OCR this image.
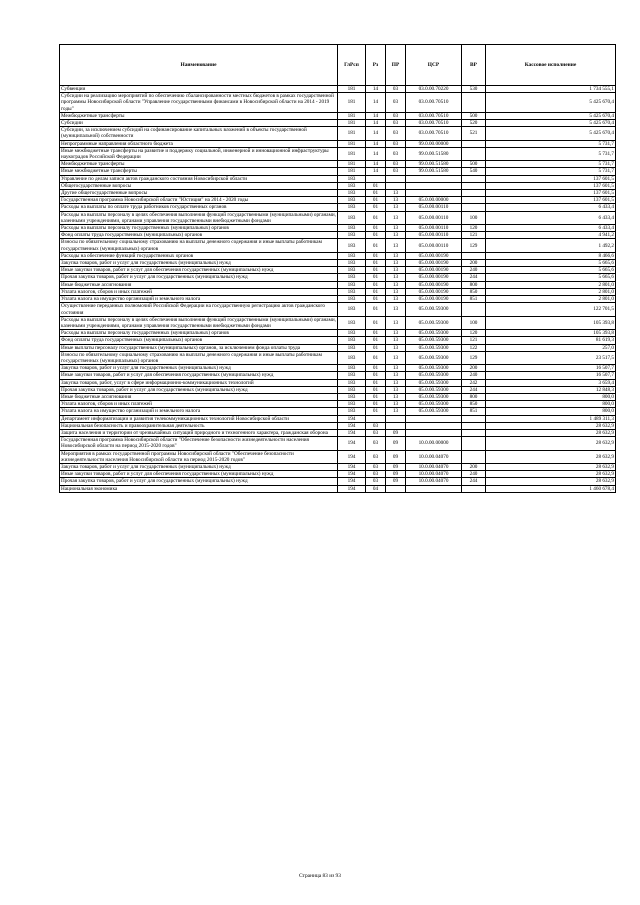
Наименование	ГлРсп	Рз	ПР	ЦСР	ВР	Кассовое исполнение
Субвенции	181	14	03	03.0.00.70220	530	1 734 555,1
Субсидии на реализацию мероприятий по обеспечению сбалансированности местных бюджетов в рамках государственной программы Новосибирской области "Управление государственными финансами в Новосибирской области на 2014 - 2019 годы"	181	14	03	03.0.00.70510		5 425 670,4
Межбюджетные трансферты	181	14	03	03.0.00.70510	500	5 425 670,4
Субсидии	181	14	03	03.0.00.70510	520	5 425 670,4
Субсидии, за исключением субсидий на софинансирование капитальных вложений в объекты государственной (муниципальной) собственности	181	14	03	03.0.00.70510	521	5 425 670,4
Непрограммные направления областного бюджета	181	14	03	99.0.00.00000		5 731,7
Иные межбюджетные трансферты на развитие и поддержку социальной, инженерной и инновационной инфраструктуры наукоградов Российской Федерации	181	14	03	99.0.00.51580		5 731,7
Межбюджетные трансферты	181	14	03	99.0.00.51580	500	5 731,7
Иные межбюджетные трансферты	181	14	03	99.0.00.51580	540	5 731,7
Управление по делам записи актов гражданского состояния Новосибирской области	183					137 601,5
Общегосударственные вопросы	183	01				137 601,5
Другие общегосударственные вопросы	183	01	13			137 601,5
Государственная программа Новосибирской области "Юстиция" на 2014 - 2020 годы	183	01	13	05.0.00.00000		137 601,5
Расходы на выплаты по оплате труда работников государственных органов	183	01	13	05.0.00.00110		6 433,4
Расходы на выплаты персоналу в целях обеспечения выполнения функций государственными (муниципальными) органами, казенными учреждениями, органами управления государственными внебюджетными фондами	183	01	13	05.0.00.00110	100	6 433,4
Расходы на выплаты персоналу государственных (муниципальных) органов	183	01	13	05.0.00.00110	120	6 433,4
Фонд оплаты труда государственных (муниципальных) органов	183	01	13	05.0.00.00110	121	4 941,2
Взносы по обязательному социальному страхованию на выплаты денежного содержания и иные выплаты работникам государственных (муниципальных) органов	183	01	13	05.0.00.00110	129	1 492,2
Расходы на обеспечение функций государственных органов	183	01	13	05.0.00.00190		8 466,6
Закупка товаров, работ и услуг для государственных (муниципальных) нужд	183	01	13	05.0.00.00190	200	5 665,6
Иные закупки товаров, работ и услуг для обеспечения государственных (муниципальных) нужд	183	01	13	05.0.00.00190	240	5 665,6
Прочая закупка товаров, работ и услуг для государственных (муниципальных) нужд	183	01	13	05.0.00.00190	244	5 665,6
Иные бюджетные ассигнования	183	01	13	05.0.00.00190	800	2 801,0
Уплата налогов, сборов и иных платежей	183	01	13	05.0.00.00190	850	2 801,0
Уплата налога на имущество организаций и земельного налога	183	01	13	05.0.00.00190	851	2 801,0
Осуществление переданных полномочий Российской Федерации на государственную регистрацию актов гражданского состояния	183	01	13	05.0.00.59300		122 701,5
Расходы на выплаты персоналу в целях обеспечения выполнения функций государственными (муниципальными) органами, казенными учреждениями, органами управления государственными внебюджетными фондами	183	01	13	05.0.00.59300	100	105 393,8
Расходы на выплаты персоналу государственных (муниципальных) органов	183	01	13	05.0.00.59300	120	105 393,8
Фонд оплаты труда государственных (муниципальных) органов	183	01	13	05.0.00.59300	121	81 619,3
Иные выплаты персоналу государственных (муниципальных) органов, за исключением фонда оплаты труда	183	01	13	05.0.00.59300	122	257,0
Взносы по обязательному социальному страхованию на выплаты денежного содержания и иные выплаты работникам государственных (муниципальных) органов	183	01	13	05.0.00.59300	129	23 517,5
Закупка товаров, работ и услуг для государственных (муниципальных) нужд	183	01	13	05.0.00.59300	200	16 507,7
Иные закупки товаров, работ и услуг для обеспечения государственных (муниципальных) нужд	183	01	13	05.0.00.59300	240	16 507,7
Закупка товаров, работ, услуг в сфере информационно-коммуникационных технологий	183	01	13	05.0.00.59300	242	3 659,4
Прочая закупка товаров, работ и услуг для государственных (муниципальных) нужд	183	01	13	05.0.00.59300	244	12 848,3
Иные бюджетные ассигнования	183	01	13	05.0.00.59300	800	800,0
Уплата налогов, сборов и иных платежей	183	01	13	05.0.00.59300	850	800,0
Уплата налога на имущество организаций и земельного налога	183	01	13	05.0.00.59300	851	800,0
Департамент информатизации и развития телекоммуникационных технологий Новосибирской области	194					1 489 311,3
Национальная безопасность и правоохранительная деятельность	194	03				28 632,9
Защита населения и территории от чрезвычайных ситуаций природного и техногенного характера, гражданская оборона	194	03	09			28 632,9
Государственная программа Новосибирской области "Обеспечение безопасности жизнедеятельности населения Новосибирской области на период 2015-2020 годов"	194	03	09	10.0.00.00000		28 632,9
Мероприятия в рамках государственной программы Новосибирской области "Обеспечение безопасности жизнедеятельности населения Новосибирской области на период 2015-2020 годов"	194	03	09	10.0.00.04070		28 632,9
Закупка товаров, работ и услуг для государственных (муниципальных) нужд	194	03	09	10.0.00.04070	200	28 632,9
Иные закупки товаров, работ и услуг для обеспечения государственных (муниципальных) нужд	194	03	09	10.0.00.04070	240	28 632,9
Прочая закупка товаров, работ и услуг для государственных (муниципальных) нужд	194	03	09	10.0.00.04070	244	28 632,9
Национальная экономика	194	04				1 460 678,4
Страница 83 из 93
